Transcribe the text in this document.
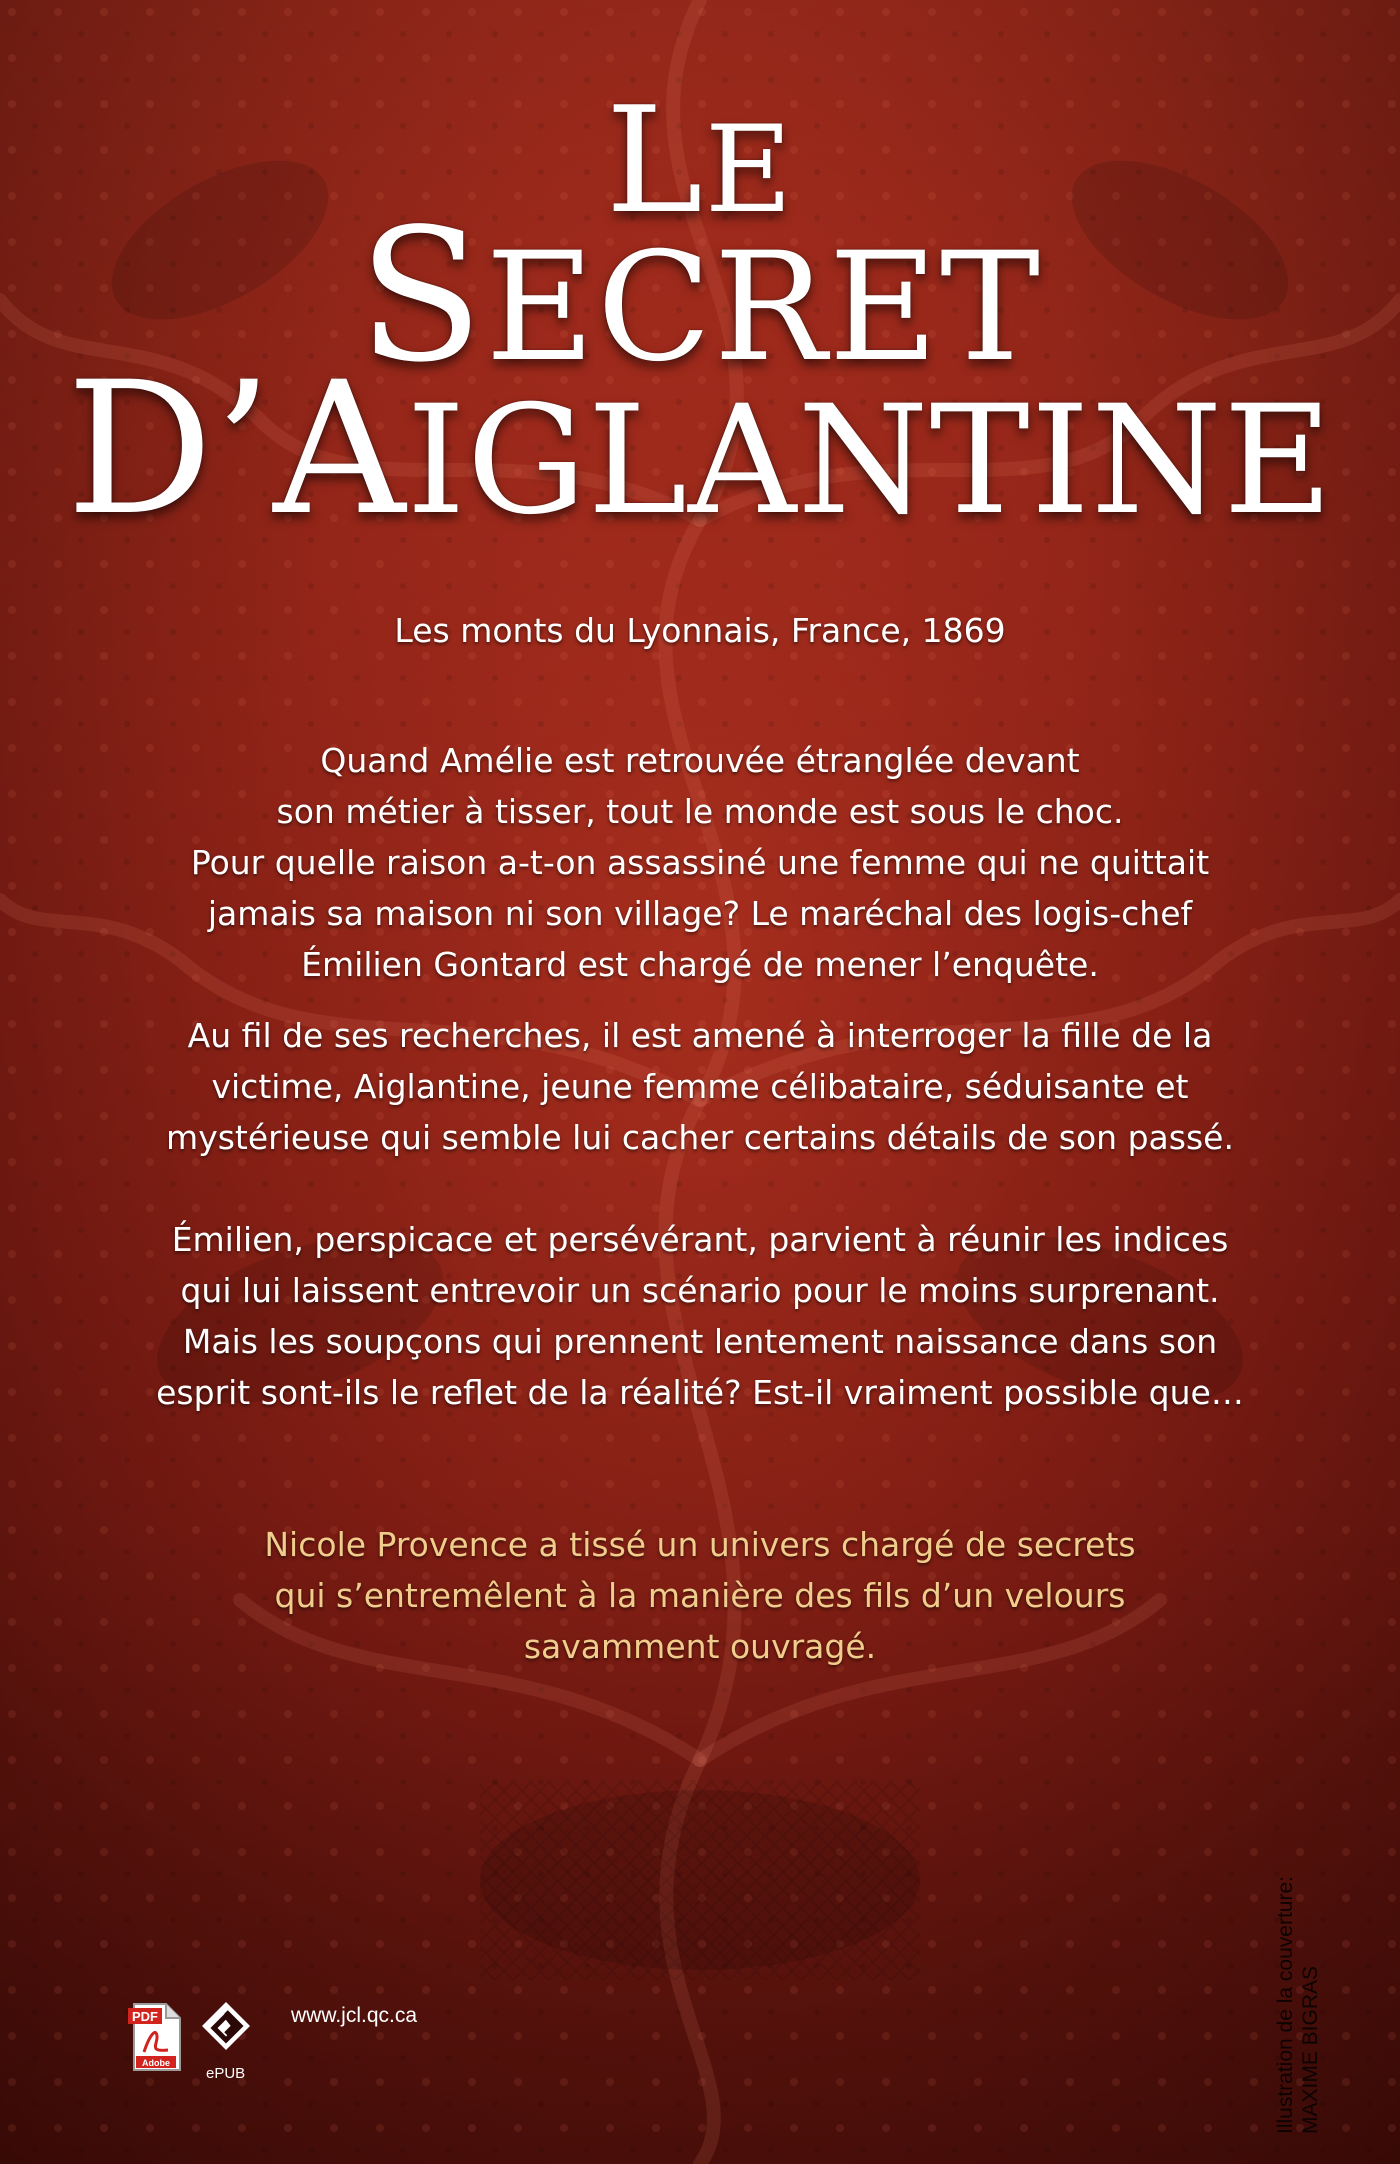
LE
SECRET
D’AIGLANTINE

Les monts du Lyonnais, France, 1869

Quand Amélie est retrouvée étranglée devant
son métier à tisser, tout le monde est sous le choc.
Pour quelle raison a-t-on assassiné une femme qui ne quittait
jamais sa maison ni son village? Le maréchal des logis-chef
Émilien Gontard est chargé de mener l’enquête.

Au fil de ses recherches, il est amené à interroger la fille de la
victime, Aiglantine, jeune femme célibataire, séduisante et
mystérieuse qui semble lui cacher certains détails de son passé.

Émilien, perspicace et persévérant, parvient à réunir les indices
qui lui laissent entrevoir un scénario pour le moins surprenant.
Mais les soupçons qui prennent lentement naissance dans son
esprit sont-ils le reflet de la réalité? Est-il vraiment possible que…

Nicole Provence a tissé un univers chargé de secrets
qui s’entremêlent à la manière des fils d’un velours
savamment ouvragé.

Illustration de la couverture: MAXIME BIGRAS
PDF
Adobe
ePUB
www.jcl.qc.ca
